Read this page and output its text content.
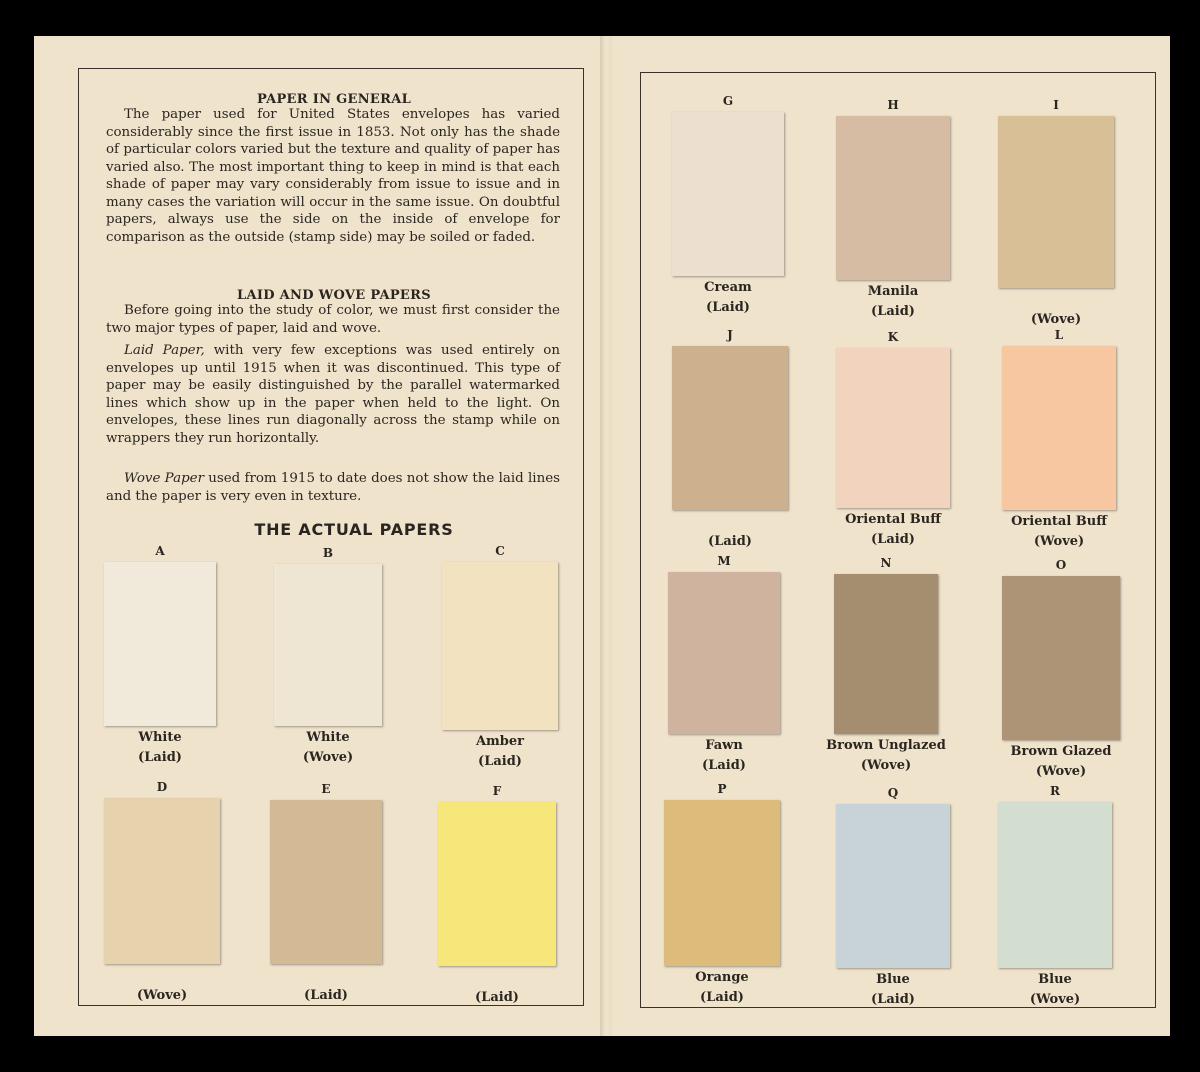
PAPER IN GENERAL
The paper used for United States envelopes has varied considerably since the first issue in 1853. Not only has the shade of particular colors varied but the texture and quality of paper has varied also. The most important thing to keep in mind is that each shade of paper may vary considerably from issue to issue and in many cases the variation will occur in the same issue. On doubtful papers, always use the side on the inside of envelope for comparison as the outside (stamp side) may be soiled or faded.
LAID AND WOVE PAPERS
Before going into the study of color, we must first consider the two major types of paper, laid and wove.
Laid Paper, with very few exceptions was used entirely on envelopes up until 1915 when it was discontinued. This type of paper may be easily distinguished by the parallel watermarked lines which show up in the paper when held to the light. On envelopes, these lines run diagonally across the stamp while on wrappers they run horizontally.
Wove Paper used from 1915 to date does not show the laid lines and the paper is very even in texture.
THE ACTUAL PAPERS
A
White
(Laid)
B
White
(Wove)
C
Amber
(Laid)
D
(Wove)
E
(Laid)
F
(Laid)
G
Cream
(Laid)
H
Manila
(Laid)
I
(Wove)
J
(Laid)
K
Oriental Buff
(Laid)
L
Oriental Buff
(Wove)
M
Fawn
(Laid)
N
Brown Unglazed
(Wove)
O
Brown Glazed
(Wove)
P
Orange
(Laid)
Q
Blue
(Laid)
R
Blue
(Wove)
